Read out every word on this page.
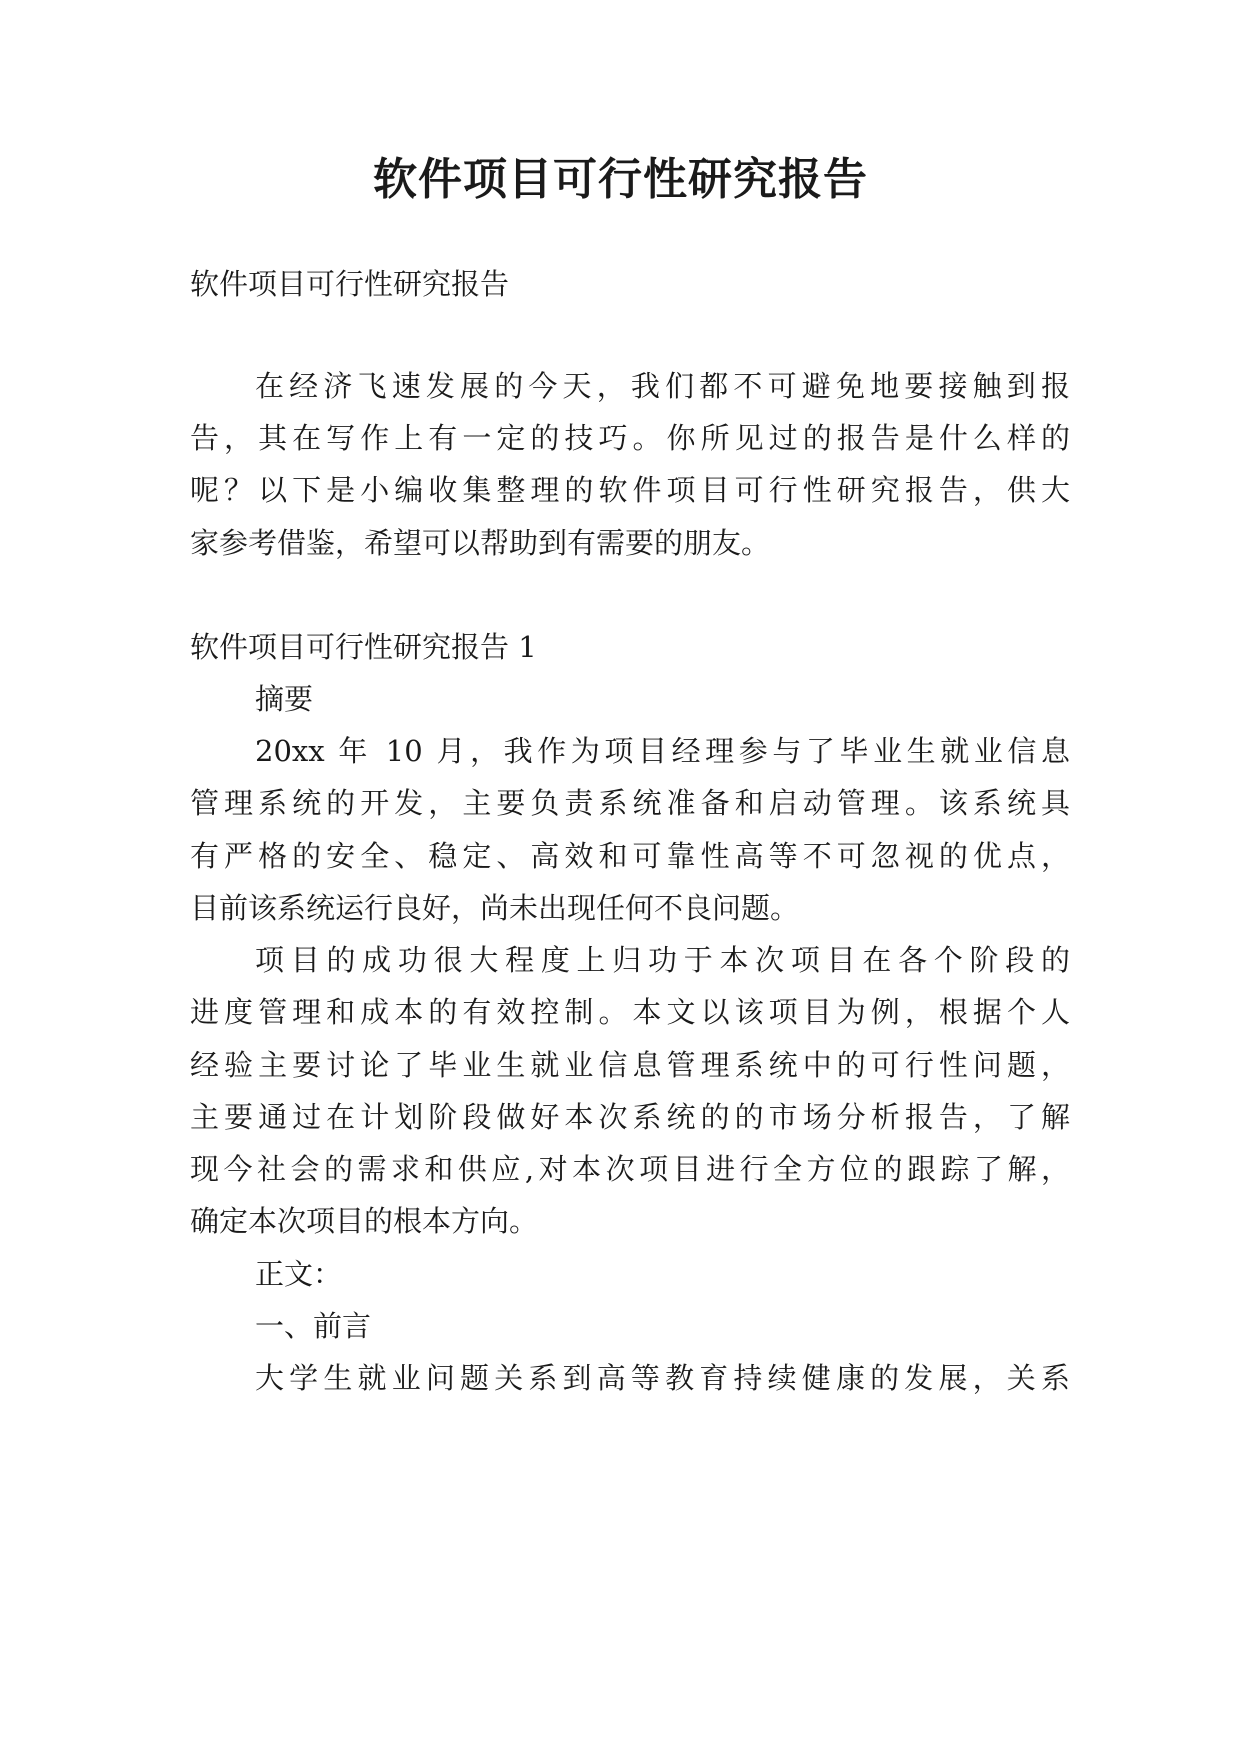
软件项目可行性研究报告

软件项目可行性研究报告

在经济飞速发展的今天，我们都不可避免地要接触到报

告，其在写作上有一定的技巧。你所见过的报告是什么样的

呢？以下是小编收集整理的软件项目可行性研究报告，供大

家参考借鉴，希望可以帮助到有需要的朋友。

软件项目可行性研究报告 1

摘要

20xx 年 10 月，我作为项目经理参与了毕业生就业信息

管理系统的开发，主要负责系统准备和启动管理。该系统具

有严格的安全、稳定、高效和可靠性高等不可忽视的优点，

目前该系统运行良好，尚未出现任何不良问题。

项目的成功很大程度上归功于本次项目在各个阶段的

进度管理和成本的有效控制。本文以该项目为例，根据个人

经验主要讨论了毕业生就业信息管理系统中的可行性问题，

主要通过在计划阶段做好本次系统的的市场分析报告，了解

现今社会的需求和供应,对本次项目进行全方位的跟踪了解，

确定本次项目的根本方向。

正文：

一、前言

大学生就业问题关系到高等教育持续健康的发展，关系
